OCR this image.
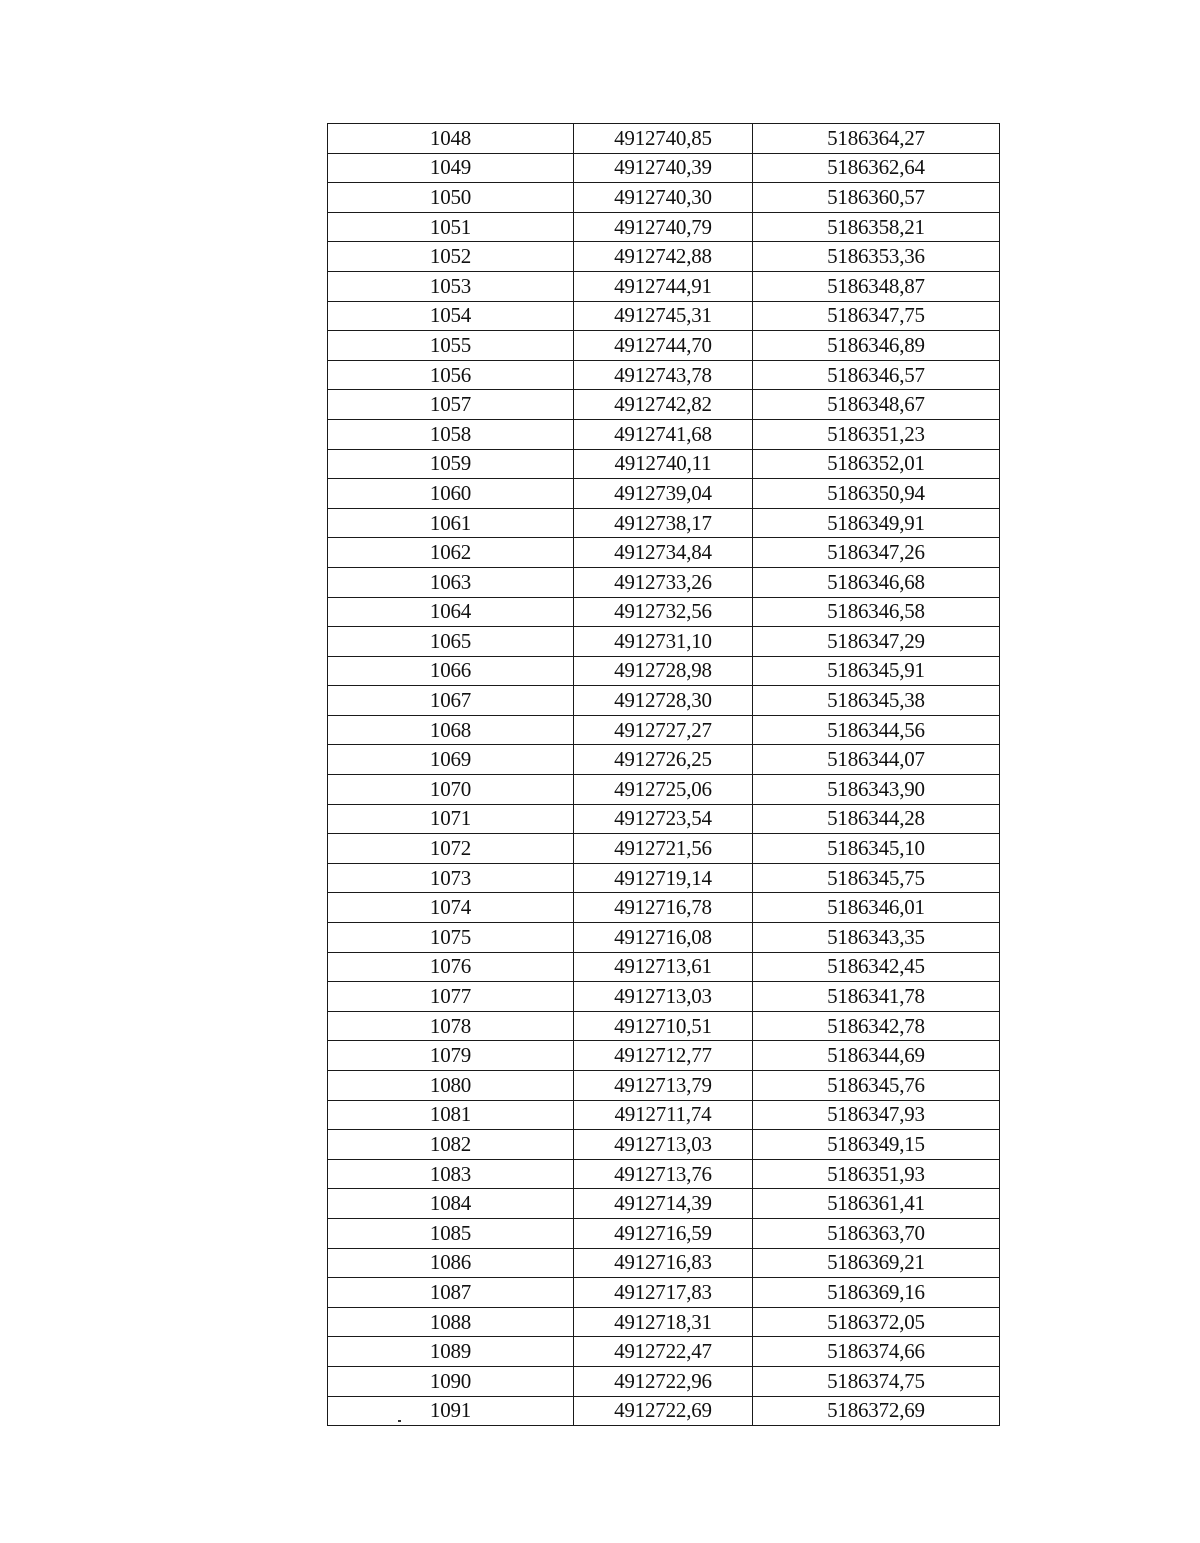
1048	4912740,85	5186364,27
1049	4912740,39	5186362,64
1050	4912740,30	5186360,57
1051	4912740,79	5186358,21
1052	4912742,88	5186353,36
1053	4912744,91	5186348,87
1054	4912745,31	5186347,75
1055	4912744,70	5186346,89
1056	4912743,78	5186346,57
1057	4912742,82	5186348,67
1058	4912741,68	5186351,23
1059	4912740,11	5186352,01
1060	4912739,04	5186350,94
1061	4912738,17	5186349,91
1062	4912734,84	5186347,26
1063	4912733,26	5186346,68
1064	4912732,56	5186346,58
1065	4912731,10	5186347,29
1066	4912728,98	5186345,91
1067	4912728,30	5186345,38
1068	4912727,27	5186344,56
1069	4912726,25	5186344,07
1070	4912725,06	5186343,90
1071	4912723,54	5186344,28
1072	4912721,56	5186345,10
1073	4912719,14	5186345,75
1074	4912716,78	5186346,01
1075	4912716,08	5186343,35
1076	4912713,61	5186342,45
1077	4912713,03	5186341,78
1078	4912710,51	5186342,78
1079	4912712,77	5186344,69
1080	4912713,79	5186345,76
1081	4912711,74	5186347,93
1082	4912713,03	5186349,15
1083	4912713,76	5186351,93
1084	4912714,39	5186361,41
1085	4912716,59	5186363,70
1086	4912716,83	5186369,21
1087	4912717,83	5186369,16
1088	4912718,31	5186372,05
1089	4912722,47	5186374,66
1090	4912722,96	5186374,75
1091	4912722,69	5186372,69
